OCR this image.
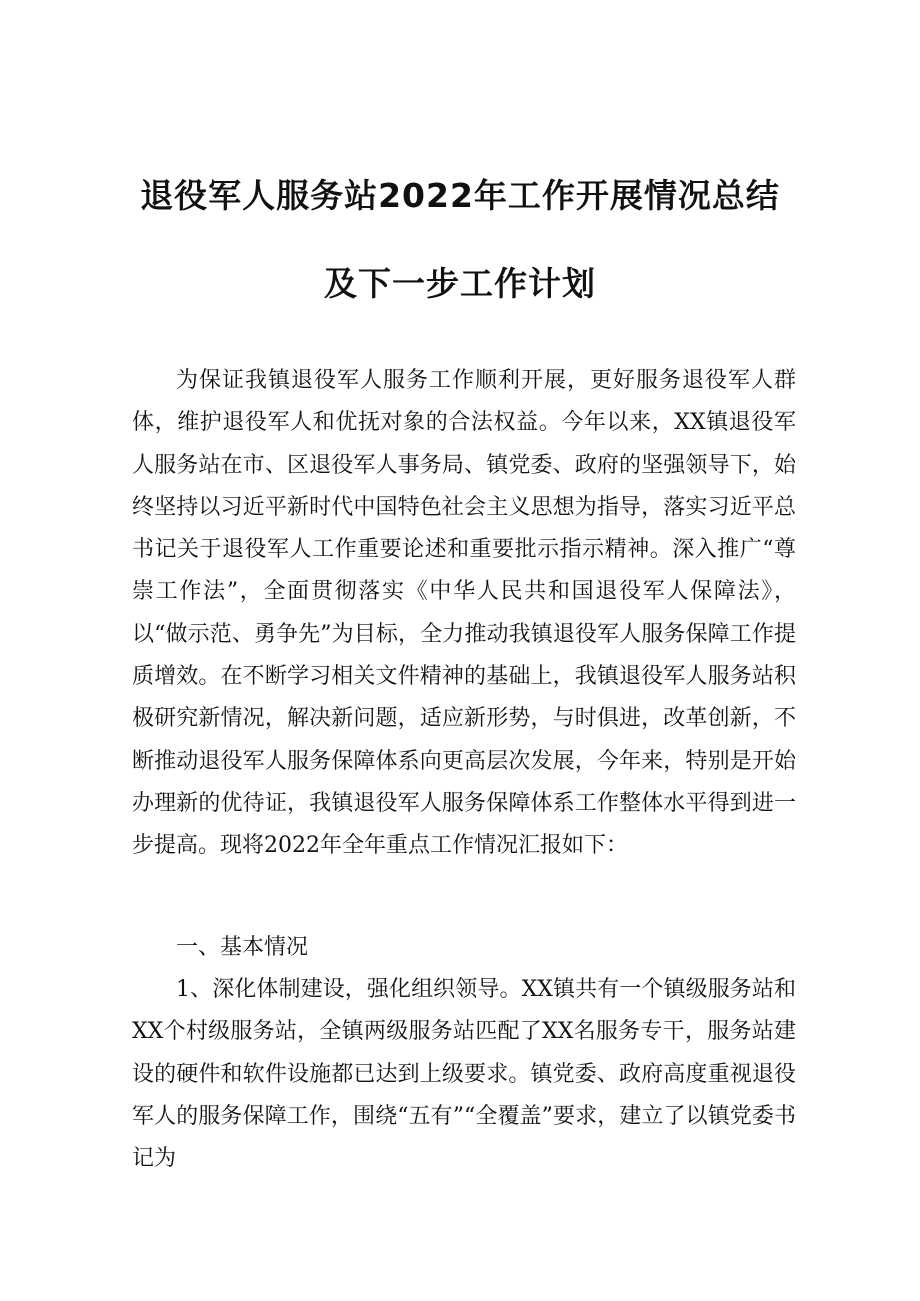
退役军人服务站2022年工作开展情况总结
及下一步工作计划

为保证我镇退役军人服务工作顺利开展，更好服务退役军人群体，维护退役军人和优抚对象的合法权益。今年以来，XX镇退役军人服务站在市、区退役军人事务局、镇党委、政府的坚强领导下，始终坚持以习近平新时代中国特色社会主义思想为指导，落实习近平总书记关于退役军人工作重要论述和重要批示指示精神。深入推广“尊崇工作法”，全面贯彻落实《中华人民共和国退役军人保障法》，以“做示范、勇争先”为目标，全力推动我镇退役军人服务保障工作提质增效。在不断学习相关文件精神的基础上，我镇退役军人服务站积极研究新情况，解决新问题，适应新形势，与时俱进，改革创新，不断推动退役军人服务保障体系向更高层次发展，今年来，特别是开始办理新的优待证，我镇退役军人服务保障体系工作整体水平得到进一步提高。现将2022年全年重点工作情况汇报如下：

一、基本情况

1、深化体制建设，强化组织领导。XX镇共有一个镇级服务站和XX个村级服务站，全镇两级服务站匹配了XX名服务专干，服务站建设的硬件和软件设施都已达到上级要求。镇党委、政府高度重视退役军人的服务保障工作，围绕“五有”“全覆盖”要求，建立了以镇党委书记为
